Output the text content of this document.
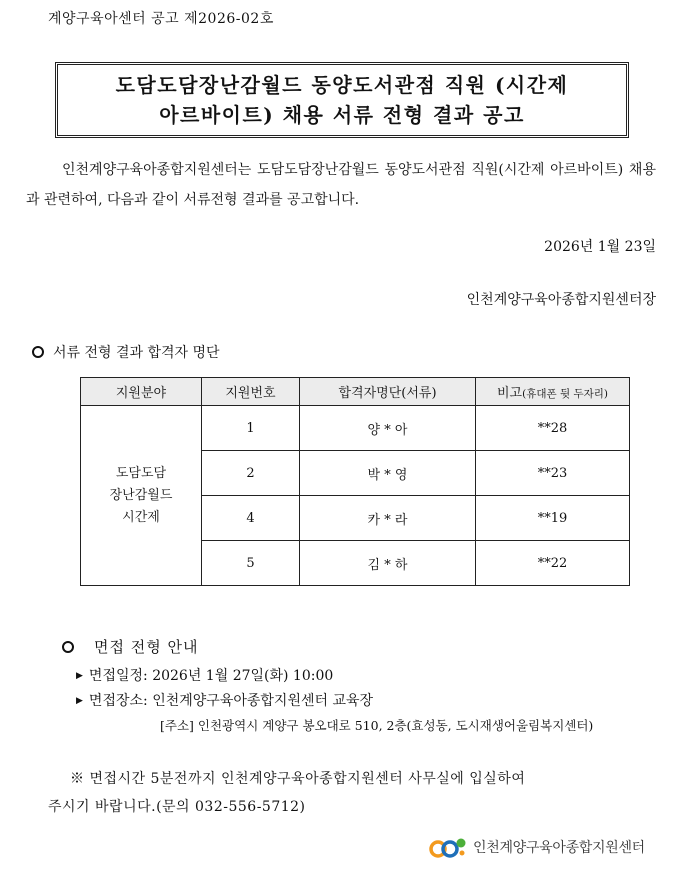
계양구육아센터 공고 제2026-02호
도담도담장난감월드 동양도서관점 직원 (시간제
아르바이트) 채용 서류 전형 결과 공고
인천계양구육아종합지원센터는 도담도담장난감월드 동양도서관점 직원(시간제 아르바이트) 채용과 관련하여, 다음과 같이 서류전형 결과를 공고합니다.
2026년 1월 23일
인천계양구육아종합지원센터장
서류 전형 결과 합격자 명단
지원분야	지원번호	합격자명단(서류)	비고(휴대폰 뒷 두자리)

도담도담
장난감월드
시간제	1	양 * 아	**28
	2	박 * 영	**23
	4	카 * 라	**19
	5	김 * 하	**22
면접 전형 안내
▶ 면접일정: 2026년 1월 27일(화) 10:00
▶ 면접장소: 인천계양구육아종합지원센터 교육장
[주소] 인천광역시 계양구 봉오대로 510, 2층(효성동, 도시재생어울림복지센터)
※ 면접시간 5분전까지 인천계양구육아종합지원센터 사무실에 입실하여
주시기 바랍니다.(문의 032-556-5712)
인천계양구육아종합지원센터
